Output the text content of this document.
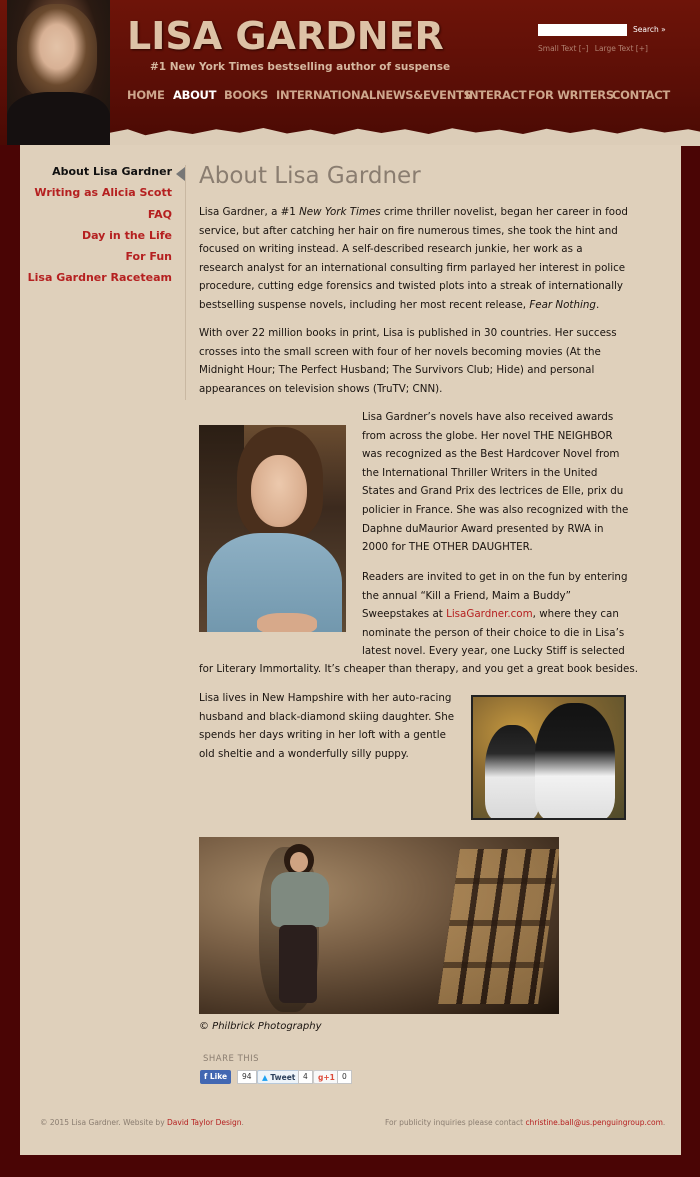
LISA GARDNER
#1 New York Times bestselling author of suspense
Search »
Small Text [–] Large Text [+]
HOME ABOUT BOOKS INTERNATIONAL NEWS&EVENTS
INTERACT FOR WRITERS
CONTACT
About Lisa Gardner
Writing as Alicia Scott
FAQ
Day in the Life
For Fun
Lisa Gardner Raceteam
About Lisa Gardner
Lisa Gardner, a #1 New York Times crime thriller novelist, began her career in food service, but after catching her hair on fire numerous times, she took the hint and focused on writing instead. A self-described research junkie, her work as a research analyst for an international consulting firm parlayed her interest in police procedure, cutting edge forensics and twisted plots into a streak of internationally bestselling suspense novels, including her most recent release, Fear Nothing.
With over 22 million books in print, Lisa is published in 30 countries. Her success crosses into the small screen with four of her novels becoming movies (At the Midnight Hour; The Perfect Husband; The Survivors Club; Hide) and personal appearances on television shows (TruTV; CNN).
Lisa Gardner’s novels have also received awards from across the globe. Her novel THE NEIGHBOR was recognized as the Best Hardcover Novel from the International Thriller Writers in the United States and Grand Prix des lectrices de Elle, prix du policier in France. She was also recognized with the Daphne duMaurior Award presented by RWA in 2000 for THE OTHER DAUGHTER.
Readers are invited to get in on the fun by entering the annual “Kill a Friend, Maim a Buddy” Sweepstakes at LisaGardner.com, where they can nominate the person of their choice to die in Lisa’s latest novel. Every year, one Lucky Stiff is selected
for Literary Immortality. It’s cheaper than therapy, and you get a great book besides.
Lisa lives in New Hampshire with her auto-racing husband and black-diamond skiing daughter. She spends her days writing in her loft with a gentle old sheltie and a wonderfully silly puppy.
© Philbrick Photography
SHARE THIS
f Like	94	▲ Tweet	4	g+1 0
© 2015 Lisa Gardner. Website by David Taylor Design.	For publicity inquiries please contact christine.ball@us.penguingroup.com.
